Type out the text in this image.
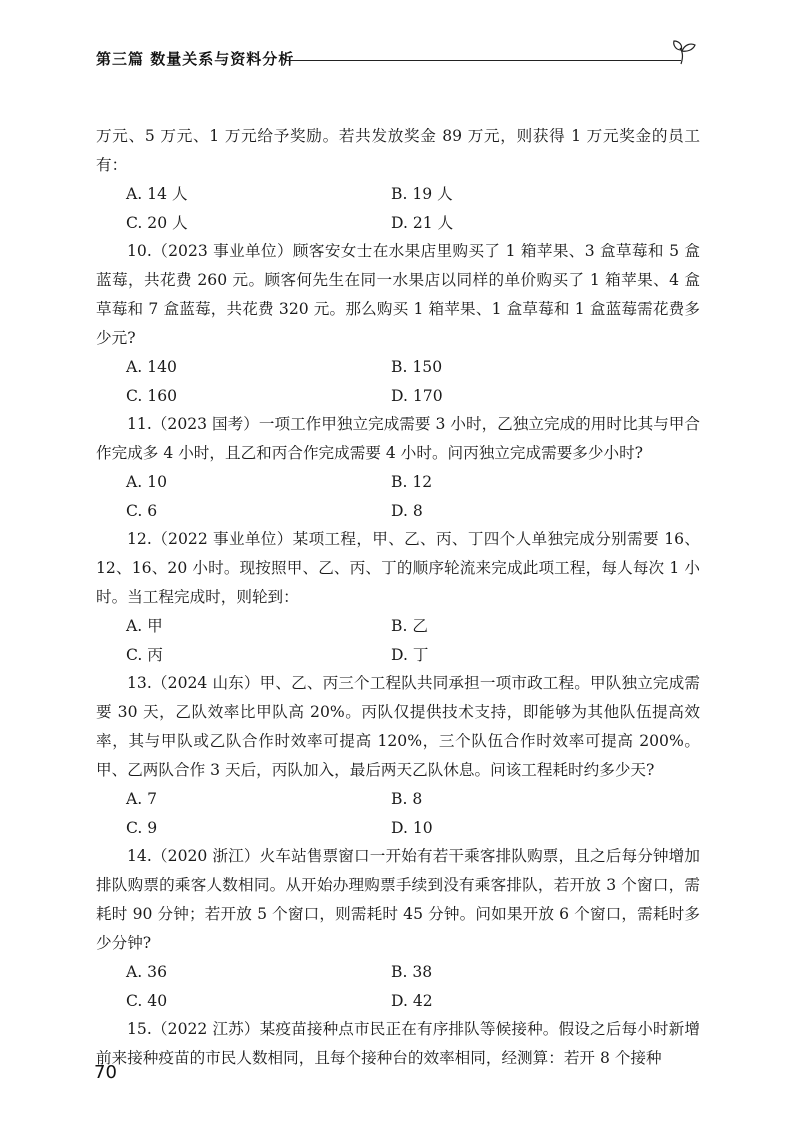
第三篇 数量关系与资料分析

万元、5 万元、1 万元给予奖励。若共发放奖金 89 万元，则获得 1 万元奖金的员工有：

A. 14 人	B. 19 人
C. 20 人	D. 21 人

10.（2023 事业单位）顾客安女士在水果店里购买了 1 箱苹果、3 盒草莓和 5 盒蓝莓，共花费 260 元。顾客何先生在同一水果店以同样的单价购买了 1 箱苹果、4 盒草莓和 7 盒蓝莓，共花费 320 元。那么购买 1 箱苹果、1 盒草莓和 1 盒蓝莓需花费多少元?

A. 140	B. 150
C. 160	D. 170

11.（2023 国考）一项工作甲独立完成需要 3 小时，乙独立完成的用时比其与甲合作完成多 4 小时，且乙和丙合作完成需要 4 小时。问丙独立完成需要多少小时?

A. 10	B. 12
C. 6	D. 8

12.（2022 事业单位）某项工程，甲、乙、丙、丁四个人单独完成分别需要 16、12、16、20 小时。现按照甲、乙、丙、丁的顺序轮流来完成此项工程，每人每次 1 小时。当工程完成时，则轮到：

A. 甲	B. 乙
C. 丙	D. 丁

13.（2024 山东）甲、乙、丙三个工程队共同承担一项市政工程。甲队独立完成需要 30 天，乙队效率比甲队高 20%。丙队仅提供技术支持，即能够为其他队伍提高效率，其与甲队或乙队合作时效率可提高 120%，三个队伍合作时效率可提高 200%。甲、乙两队合作 3 天后，丙队加入，最后两天乙队休息。问该工程耗时约多少天?

A. 7	B. 8
C. 9	D. 10

14.（2020 浙江）火车站售票窗口一开始有若干乘客排队购票，且之后每分钟增加排队购票的乘客人数相同。从开始办理购票手续到没有乘客排队，若开放 3 个窗口，需耗时 90 分钟；若开放 5 个窗口，则需耗时 45 分钟。问如果开放 6 个窗口，需耗时多少分钟?

A. 36	B. 38
C. 40	D. 42

15.（2022 江苏）某疫苗接种点市民正在有序排队等候接种。假设之后每小时新增前来接种疫苗的市民人数相同，且每个接种台的效率相同，经测算：若开 8 个接种

70
